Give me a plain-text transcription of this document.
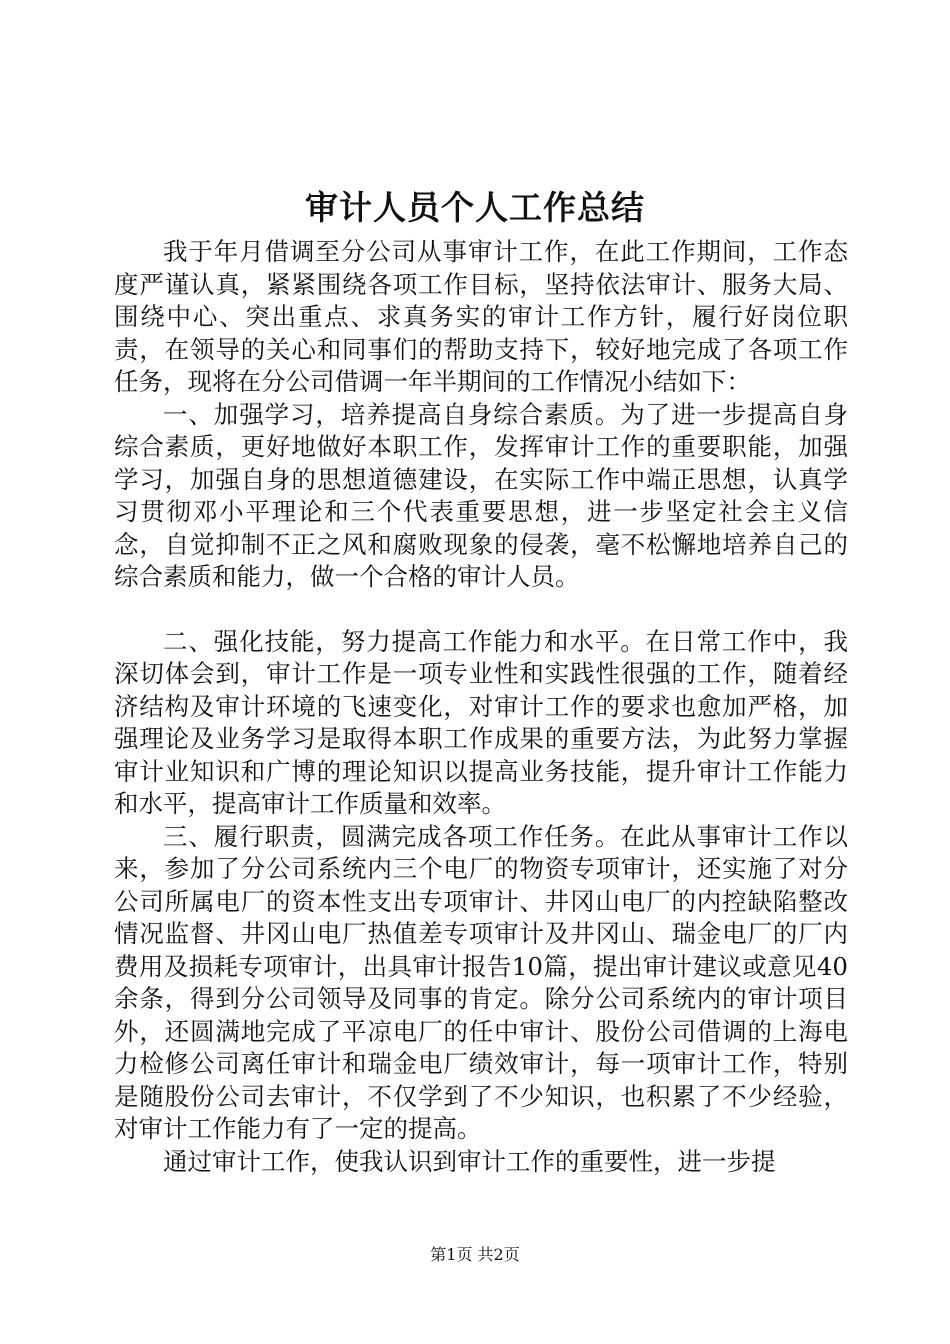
审计人员个人工作总结

我于年月借调至分公司从事审计工作，在此工作期间，工作态度严谨认真，紧紧围绕各项工作目标，坚持依法审计、服务大局、围绕中心、突出重点、求真务实的审计工作方针，履行好岗位职责，在领导的关心和同事们的帮助支持下，较好地完成了各项工作任务，现将在分公司借调一年半期间的工作情况小结如下：

一、加强学习，培养提高自身综合素质。为了进一步提高自身综合素质，更好地做好本职工作，发挥审计工作的重要职能，加强学习，加强自身的思想道德建设，在实际工作中端正思想，认真学习贯彻邓小平理论和三个代表重要思想，进一步坚定社会主义信念，自觉抑制不正之风和腐败现象的侵袭，毫不松懈地培养自己的综合素质和能力，做一个合格的审计人员。

二、强化技能，努力提高工作能力和水平。在日常工作中，我深切体会到，审计工作是一项专业性和实践性很强的工作，随着经济结构及审计环境的飞速变化，对审计工作的要求也愈加严格，加强理论及业务学习是取得本职工作成果的重要方法，为此努力掌握审计业知识和广博的理论知识以提高业务技能，提升审计工作能力和水平，提高审计工作质量和效率。

三、履行职责，圆满完成各项工作任务。在此从事审计工作以来，参加了分公司系统内三个电厂的物资专项审计，还实施了对分公司所属电厂的资本性支出专项审计、井冈山电厂的内控缺陷整改情况监督、井冈山电厂热值差专项审计及井冈山、瑞金电厂的厂内费用及损耗专项审计，出具审计报告10篇，提出审计建议或意见40余条，得到分公司领导及同事的肯定。除分公司系统内的审计项目外，还圆满地完成了平凉电厂的任中审计、股份公司借调的上海电力检修公司离任审计和瑞金电厂绩效审计，每一项审计工作，特别是随股份公司去审计，不仅学到了不少知识，也积累了不少经验，对审计工作能力有了一定的提高。

通过审计工作，使我认识到审计工作的重要性，进一步提

第1页 共2页
